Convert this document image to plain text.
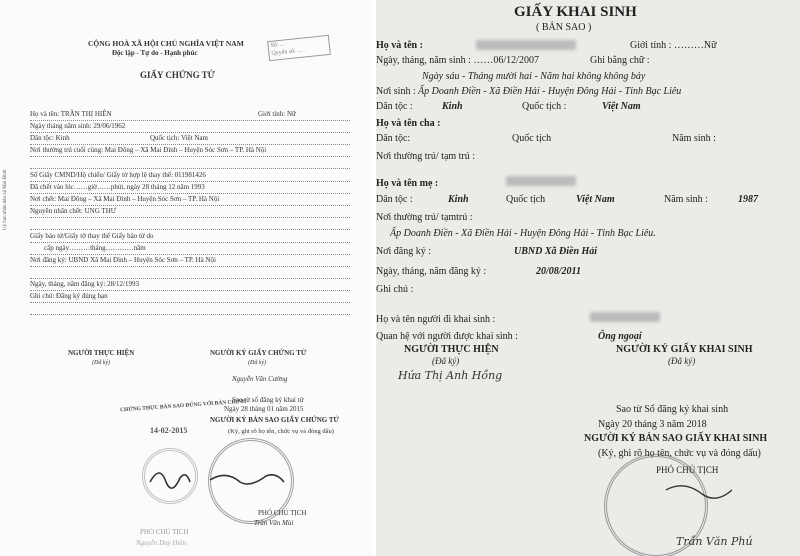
CỘNG HOÀ XÃ HỘI CHỦ NGHĨA VIỆT NAM
Độc lập - Tự do - Hạnh phúc
Số: ...
Quyển số: ...
Uỷ ban nhân dân xã Mai Đình
GIẤY CHỨNG TỬ
Họ và tên: TRẦN THỊ HIÊN	Giới tính: Nữ
Ngày tháng năm sinh: 29/06/1962
Dân tộc: Kinh	Quốc tịch: Việt Nam
Nơi thường trú cuối cùng: Mai Đông – Xã Mai Đình – Huyện Sóc Sơn – TP. Hà Nội
Số Giấy CMND/Hộ chiếu/ Giấy tờ hợp lệ thay thế: 011981426
Đã chết vào lúc……giờ……phút, ngày 28 tháng 12 năm 1993
Nơi chết: Mai Đông – Xã Mai Đình – Huyện Sóc Sơn – TP. Hà Nội
Nguyên nhân chết: UNG THƯ
Giấy báo tử/Giấy tờ thay thế Giấy báo tử do
cấp ngày………tháng…………năm
Nơi đăng ký: UBND Xã Mai Đình – Huyện Sóc Sơn – TP. Hà Nội
Ngày, tháng, năm đăng ký: 28/12/1993
Ghi chú: Đăng ký đúng hạn
NGƯỜI THỰC HIỆN
(Đã ký)
NGƯỜI KÝ GIẤY CHỨNG TỬ
(Đã ký)
Nguyễn Văn Cường
Sao từ sổ đăng ký khai tử
Ngày 28 tháng 01 năm 2015
CHỨNG THỰC BẢN SAO ĐÚNG VỚI BẢN CHÍNH
NGƯỜI KÝ BẢN SAO GIẤY CHỨNG TỬ
(Ký, ghi rõ họ tên, chức vụ và đóng dấu)
14-02-2015
PHÓ CHỦ TỊCH
Trần Văn Mùi
PHÓ CHỦ TỊCH
Nguyễn Duy Hiền
GIẤY KHAI SINH
( BẢN SAO )
Họ và tên :	Giới tính : ………Nữ
Ngày, tháng, năm sinh : ……06/12/2007	Ghi bằng chữ :
Ngày sáu - Tháng mười hai - Năm hai không không bảy
Nơi sinh : Ấp Doanh Điền - Xã Điền Hải - Huyện Đông Hải - Tỉnh Bạc Liêu
Dân tộc :	Kinh	Quốc tịch :	Việt Nam
Họ và tên cha :
Dân tộc:	Quốc tịch	Năm sinh :
Nơi thường trú/ tạm trú :
Họ và tên mẹ :
Dân tộc :	Kinh	Quốc tịch	Việt Nam	Năm sinh :	1987
Nơi thường trú/ tạmtrú :
Ấp Doanh Điền - Xã Điền Hải - Huyện Đông Hải - Tỉnh Bạc Liêu.
Nơi đăng ký :	UBND Xã Điền Hải
Ngày, tháng, năm đăng ký :	20/08/2011
Ghi chú :
Họ và tên người đi khai sinh :
Quan hệ với người được khai sinh :	Ông ngoại
NGƯỜI THỰC HIỆN
(Đã ký)
Hứa Thị Anh Hồng
NGƯỜI KÝ GIẤY KHAI SINH
(Đã ký)
Sao từ Sổ đăng ký khai sinh
Ngày 20 tháng 3 năm 2018
NGƯỜI KÝ BẢN SAO GIẤY KHAI SINH
(Ký, ghi rõ họ tên, chức vụ và đóng dấu)
PHÓ CHỦ TỊCH
Trần Văn Phú
